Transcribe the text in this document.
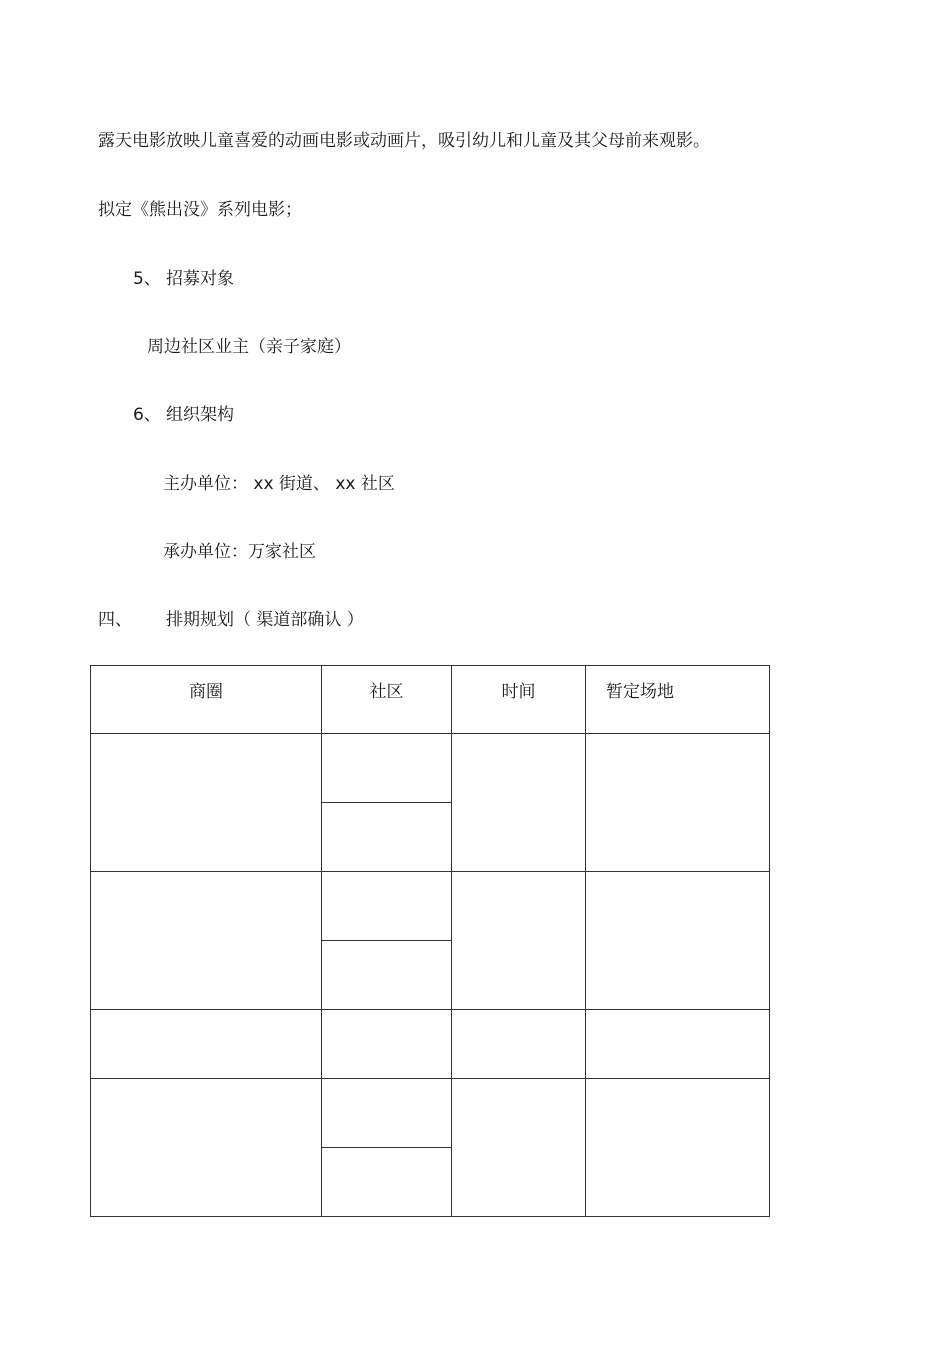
露天电影放映儿童喜爱的动画电影或动画片，吸引幼儿和儿童及其父母前来观影。
拟定《熊出没》系列电影；
5、 招募对象
周边社区业主（亲子家庭）
6、 组织架构
主办单位： xx 街道、 xx 社区
承办单位：万家社区
四、 排期规划（ 渠道部确认 ）
商圈	社区	时间	暂定场地
